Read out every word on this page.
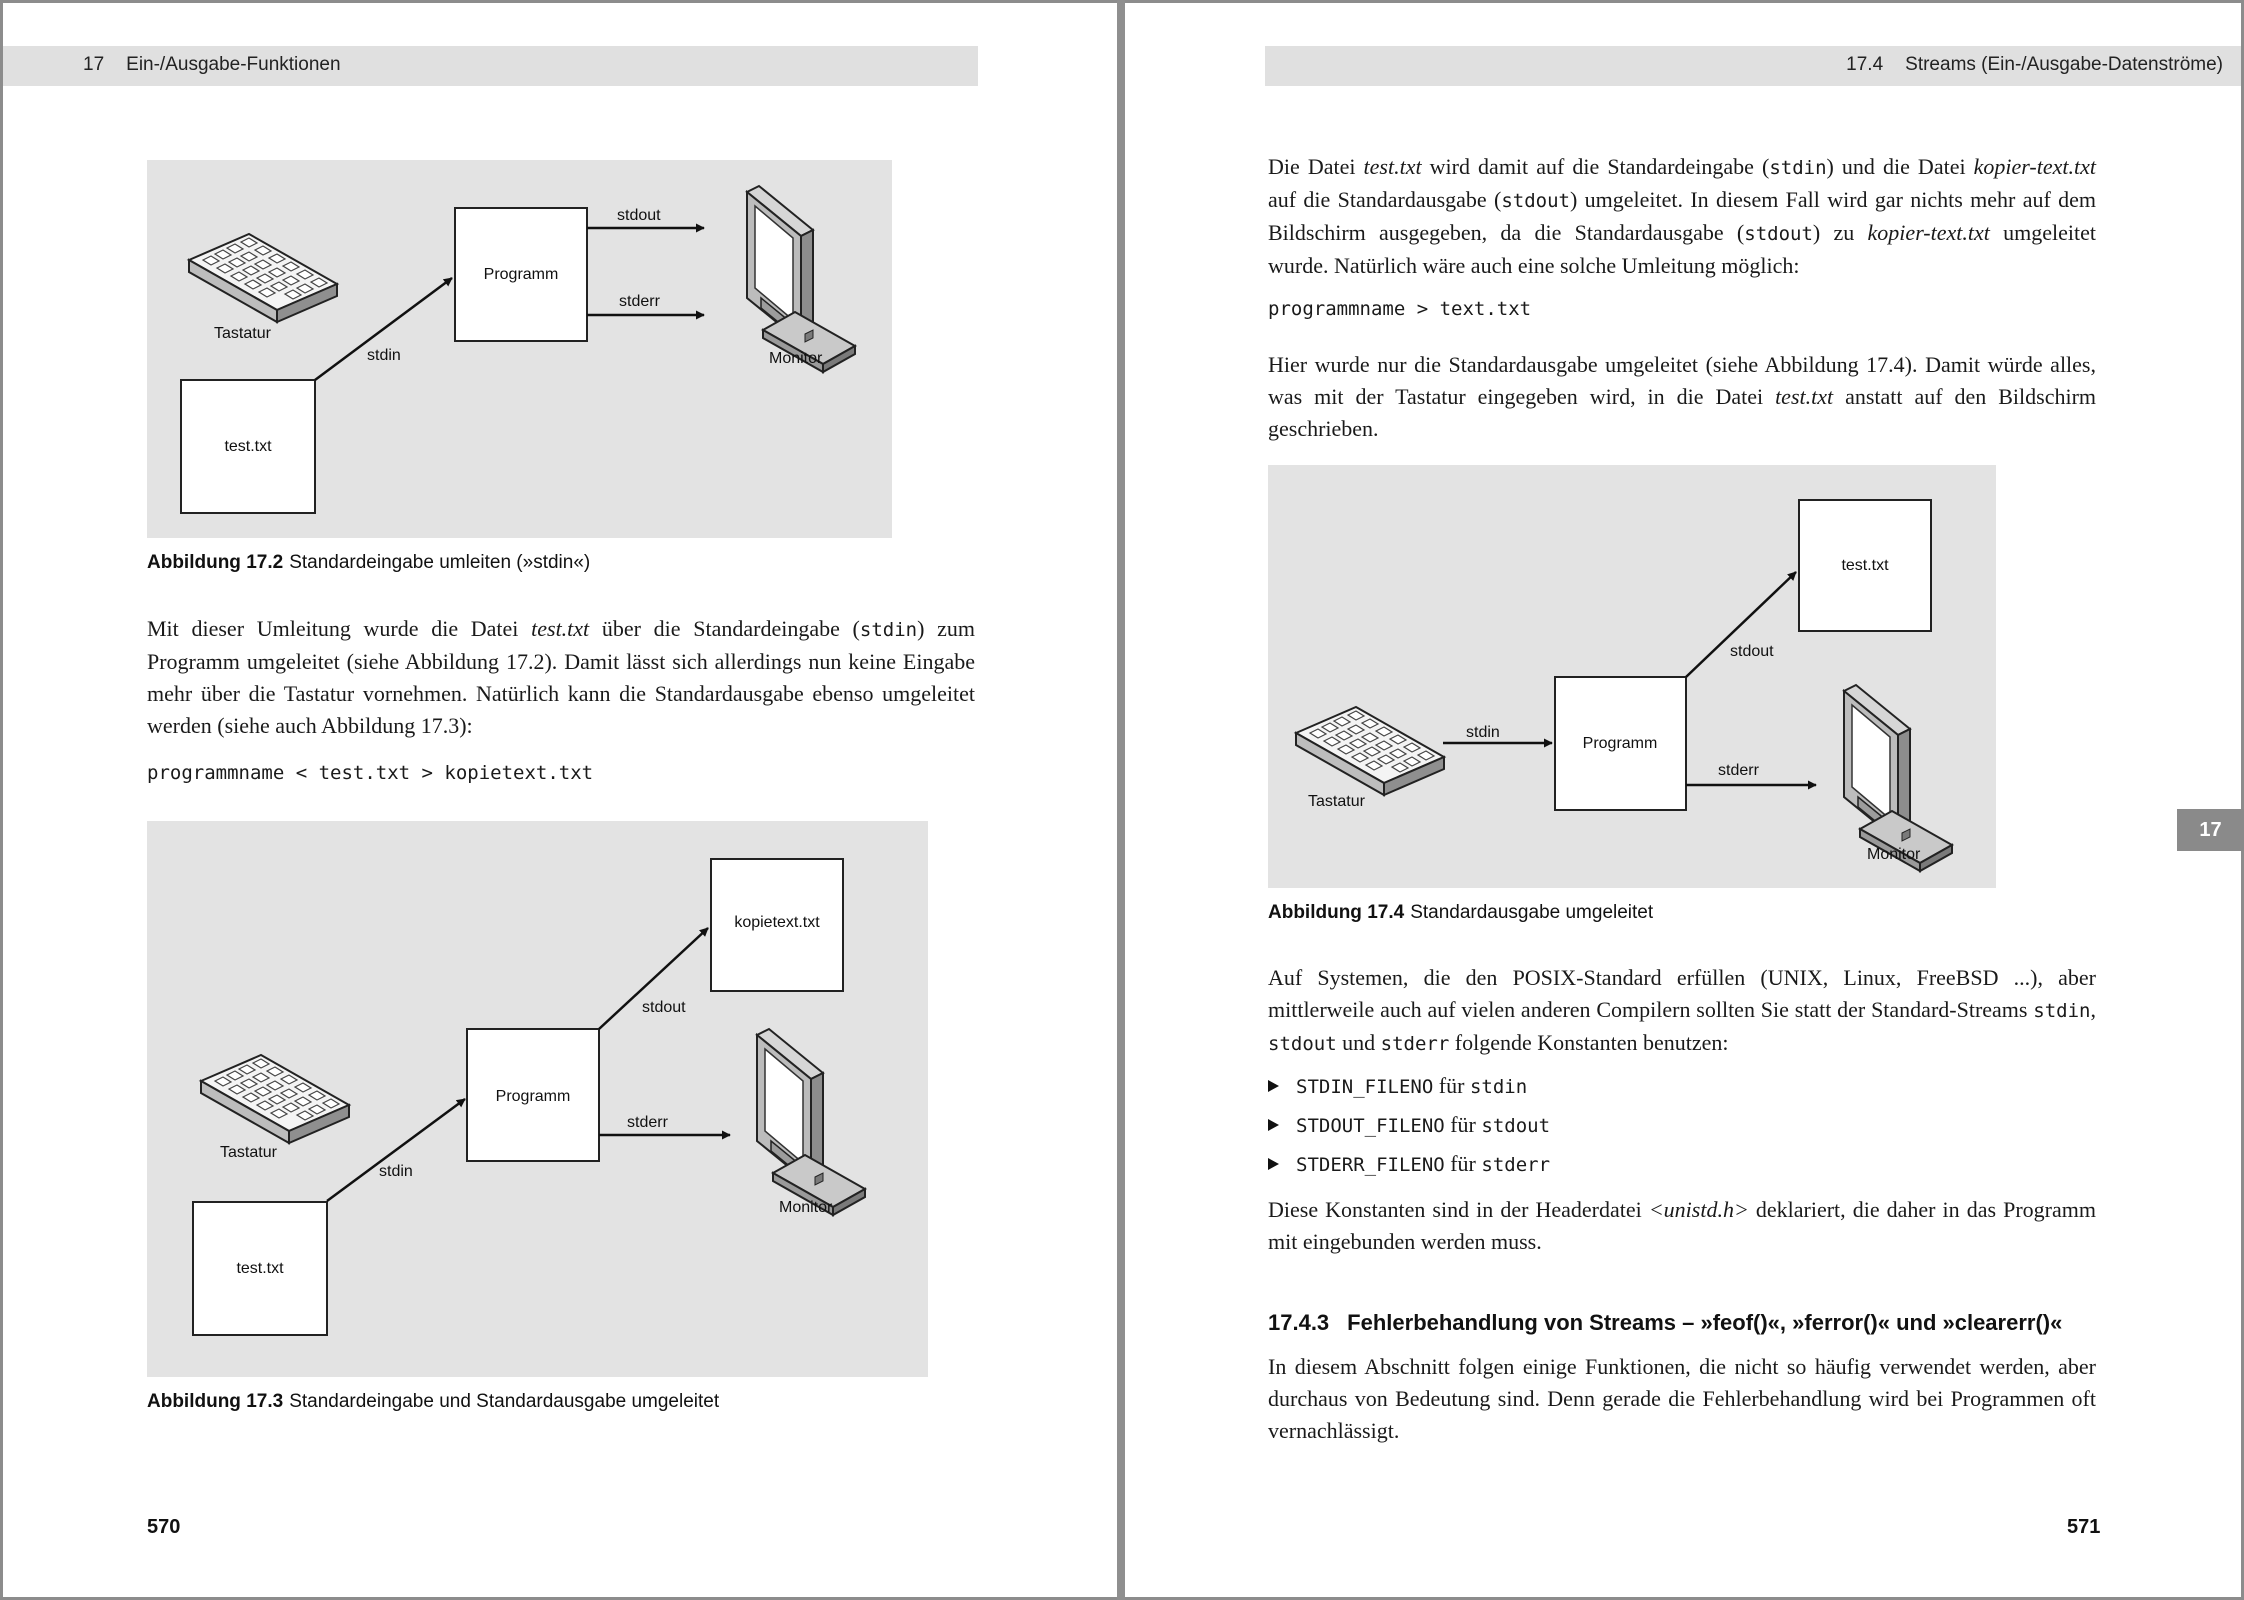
17 Ein-/Ausgabe-Funktionen
Tastatur
Programm
test.txt
stdin
stdout
stderr
Monitor
Abbildung 17.2 Standardeingabe umleiten (»stdin«)

Mit dieser Umleitung wurde die Datei test.txt über die Standardeingabe (stdin) zum Programm umgeleitet (siehe Abbildung 17.2). Damit lässt sich allerdings nun keine Eingabe mehr über die Tastatur vornehmen. Natürlich kann die Standardausgabe ebenso umgeleitet werden (siehe auch Abbildung 17.3):

programmname < test.txt > kopietext.txt
Tastatur
Programm
test.txt
kopietext.txt
stdin
stdout
stderr
Monitor
Abbildung 17.3 Standardeingabe und Standardausgabe umgeleitet
570
17.4 Streams (Ein-/Ausgabe-Datenströme)

Die Datei test.txt wird damit auf die Standardeingabe (stdin) und die Datei kopier-text.txt auf die Standardausgabe (stdout) umgeleitet. In diesem Fall wird gar nichts mehr auf dem Bildschirm ausgegeben, da die Standardausgabe (stdout) zu kopier-text.txt umgeleitet wurde. Natürlich wäre auch eine solche Umleitung möglich:

programmname > text.txt

Hier wurde nur die Standardausgabe umgeleitet (siehe Abbildung 17.4). Damit würde alles, was mit der Tastatur eingegeben wird, in die Datei test.txt anstatt auf den Bildschirm geschrieben.

Tastatur
Programm
test.txt
stdin
stdout
stderr
Monitor
Abbildung 17.4 Standardausgabe umgeleitet

Auf Systemen, die den POSIX-Standard erfüllen (UNIX, Linux, FreeBSD ...), aber mittlerweile auch auf vielen anderen Compilern sollten Sie statt der Standard-Streams stdin, stdout und stderr folgende Konstanten benutzen:

STDIN_FILENO für stdin
STDOUT_FILENO für stdout
STDERR_FILENO für stderr

Diese Konstanten sind in der Headerdatei <unistd.h> deklariert, die daher in das Programm mit eingebunden werden muss.

17.4.3 Fehlerbehandlung von Streams – »feof()«, »ferror()« und »clearerr()«

In diesem Abschnitt folgen einige Funktionen, die nicht so häufig verwendet werden, aber durchaus von Bedeutung sind. Denn gerade die Fehlerbehandlung wird bei Programmen oft vernachlässigt.

571
17
